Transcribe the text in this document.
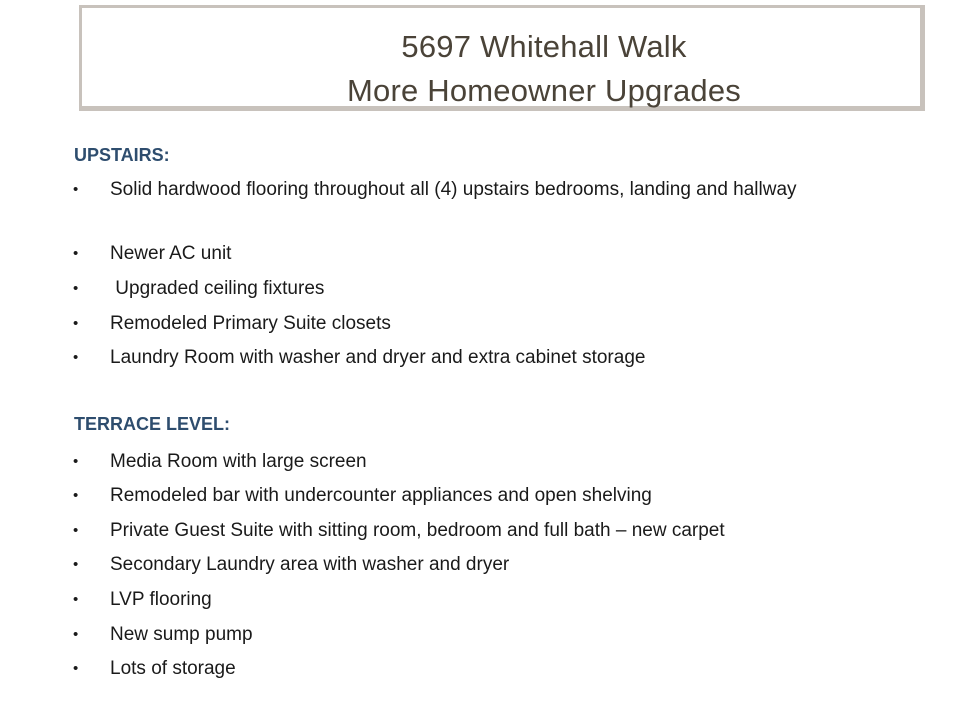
5697 Whitehall Walk
More Homeowner Upgrades
UPSTAIRS:
• Solid hardwood flooring throughout all (4) upstairs bedrooms, landing and hallway
• Newer AC unit
• Upgraded ceiling fixtures
• Remodeled Primary Suite closets
• Laundry Room with washer and dryer and extra cabinet storage
TERRACE LEVEL:
• Media Room with large screen
• Remodeled bar with undercounter appliances and open shelving
• Private Guest Suite with sitting room, bedroom and full bath – new carpet
• Secondary Laundry area with washer and dryer
• LVP flooring
• New sump pump
• Lots of storage
